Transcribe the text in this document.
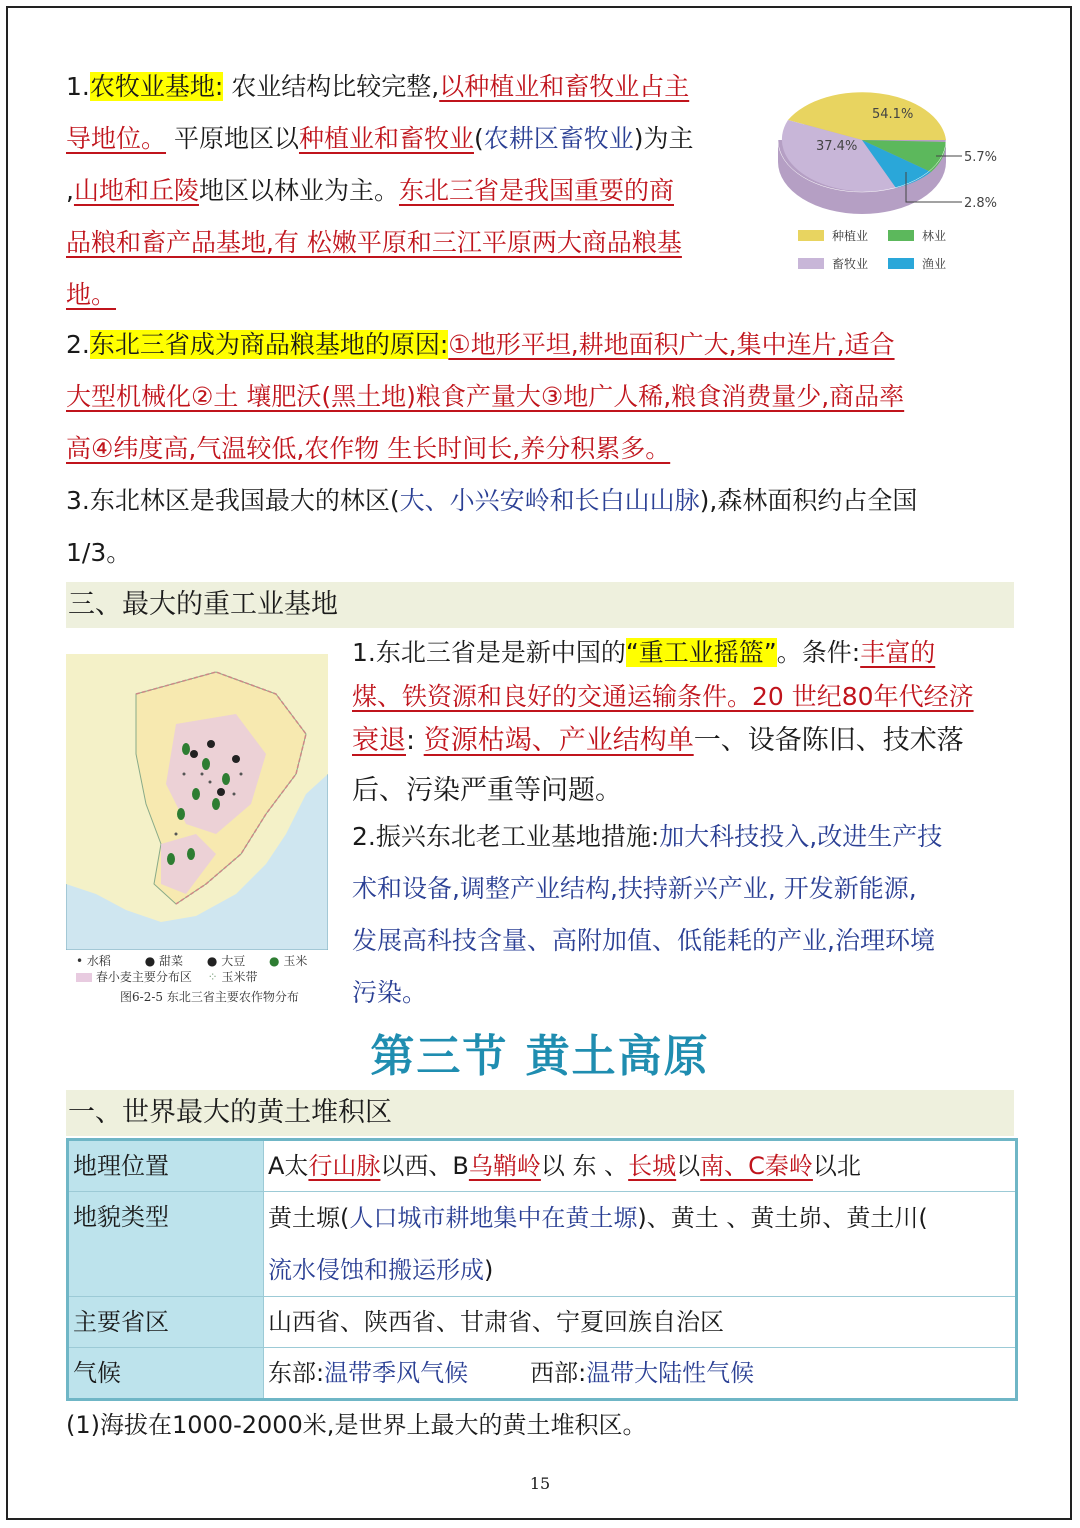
1.农牧业基地: 农业结构比较完整,以种植业和畜牧业占主
导地位。 平原地区以种植业和畜牧业(农耕区畜牧业)为主
,山地和丘陵地区以林业为主。东北三省是我国重要的商
品粮和畜产品基地,有 松嫩平原和三江平原两大商品粮基
地。
54.1%
37.4%
5.7%
2.8%
种植业	林业
畜牧业	渔业
2.东北三省成为商品粮基地的原因:①地形平坦,耕地面积广大,集中连片,适合
大型机械化②土 壤肥沃(黑土地)粮食产量大③地广人稀,粮食消费量少,商品率
高④纬度高,气温较低,农作物 生长时间长,养分积累多。
3.东北林区是我国最大的林区(大、小兴安岭和长白山山脉),森林面积约占全国
1/3。
三、最大的重工业基地
• 水稻	● 甜菜 ● 大豆 ● 玉米
春小麦主要分布区 ⁘ 玉米带
图6-2-5 东北三省主要农作物分布
1.东北三省是是新中国的“重工业摇篮”。条件:丰富的
煤、铁资源和良好的交通运输条件。20 世纪80年代经济
衰退: 资源枯竭、产业结构单一、设备陈旧、技术落
后、污染严重等问题。
2.振兴东北老工业基地措施:加大科技投入,改进生产技
术和设备,调整产业结构,扶持新兴产业, 开发新能源,
发展高科技含量、高附加值、低能耗的产业,治理环境
污染。
第三节 黄土高原
一、世界最大的黄土堆积区
地理位置	A太行山脉以西、B乌鞘岭以 东 、长城以南、C秦岭以北
地貌类型	黄土塬(人口城市耕地集中在黄土塬)、黄土 、黄土峁、黄土川(
流水侵蚀和搬运形成)
主要省区	山西省、陕西省、甘肃省、宁夏回族自治区
气候	东部:温带季风气候 西部:温带大陆性气候
(1)海拔在1000-2000米,是世界上最大的黄土堆积区。
15
